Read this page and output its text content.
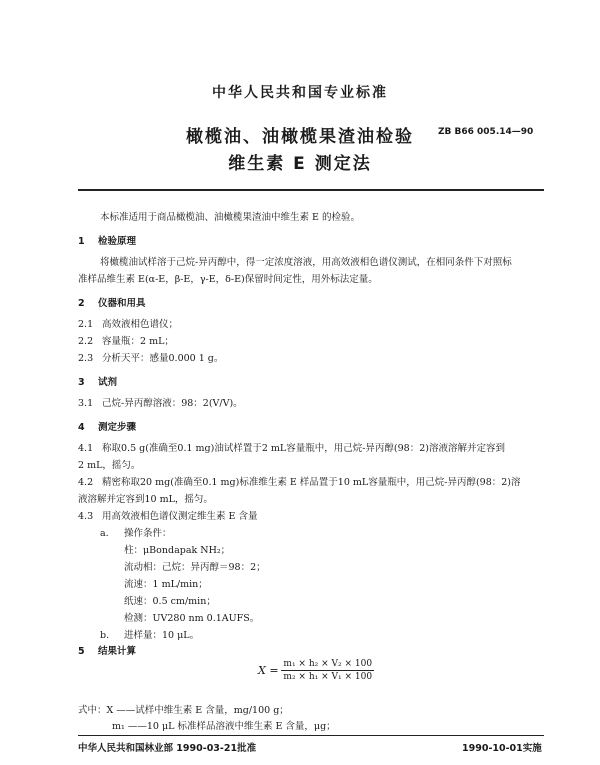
中华人民共和国专业标准
橄榄油、油橄榄果渣油检验
维生素 E 测定法
ZB B66 005.14—90
本标准适用于商品橄榄油、油橄榄果渣油中维生素 E 的检验。
1 检验原理
将橄榄油试样溶于己烷-异丙醇中，得一定浓度溶液，用高效液相色谱仪测试，在相同条件下对照标
准样品维生素 E(α-E，β-E，γ-E，δ-E)保留时间定性，用外标法定量。
2 仪器和用具
2.1 高效液相色谱仪；
2.2 容量瓶：2 mL；
2.3 分析天平：感量0.000 1 g。
3 试剂
3.1 己烷-异丙醇溶液：98：2(V/V)。
4 测定步骤
4.1 称取0.5 g(准确至0.1 mg)油试样置于2 mL容量瓶中，用己烷-异丙醇(98：2)溶液溶解并定容到
2 mL，摇匀。
4.2 精密称取20 mg(准确至0.1 mg)标准维生素 E 样品置于10 mL容量瓶中，用己烷-异丙醇(98：2)溶
液溶解并定容到10 mL，摇匀。
4.3 用高效液相色谱仪测定维生素 E 含量
a. 操作条件：
柱：μBondapak NH₂；
流动相：己烷：异丙醇＝98：2；
流速：1 mL/min；
纸速：0.5 cm/min；
检测：UV280 nm 0.1AUFS。
b. 进样量：10 μL。
5 结果计算
$X = \frac{\text{m₁ × h₂ × V₂ × 100}}{\text{m₂ × h₁ × V₁ × 100}}$
式中：X ——试样中维生素 E 含量，mg/100 g；
m₁ ——10 μL 标准样品溶液中维生素 E 含量，μg；
中华人民共和国林业部 1990-03-21批准	1990-10-01实施
